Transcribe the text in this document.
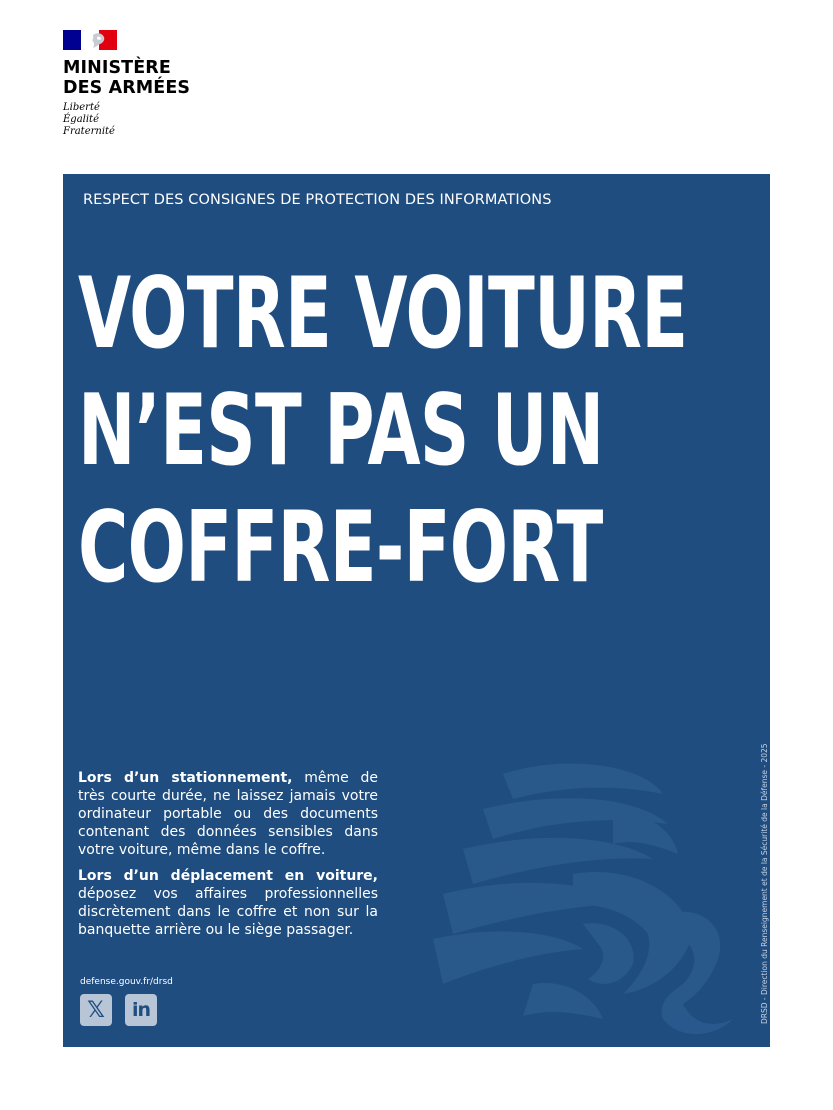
MINISTÈRE
DES ARMÉES
Liberté
Égalité
Fraternité
RESPECT DES CONSIGNES DE PROTECTION DES INFORMATIONS
VOTRE VOITURE
N’EST PAS UN
COFFRE-FORT

Lors d’un stationnement, même de très courte durée, ne laissez jamais votre ordinateur portable ou des documents contenant des données sensibles dans votre voiture, même dans le coffre.

Lors d’un déplacement en voiture, déposez vos affaires professionnelles discrètement dans le coffre et non sur la banquette arrière ou le siège passager.

defense.gouv.fr/drsd
𝕏	in	DRSD - Direction du Renseignement et de la Sécurité de la Défense - 2025
